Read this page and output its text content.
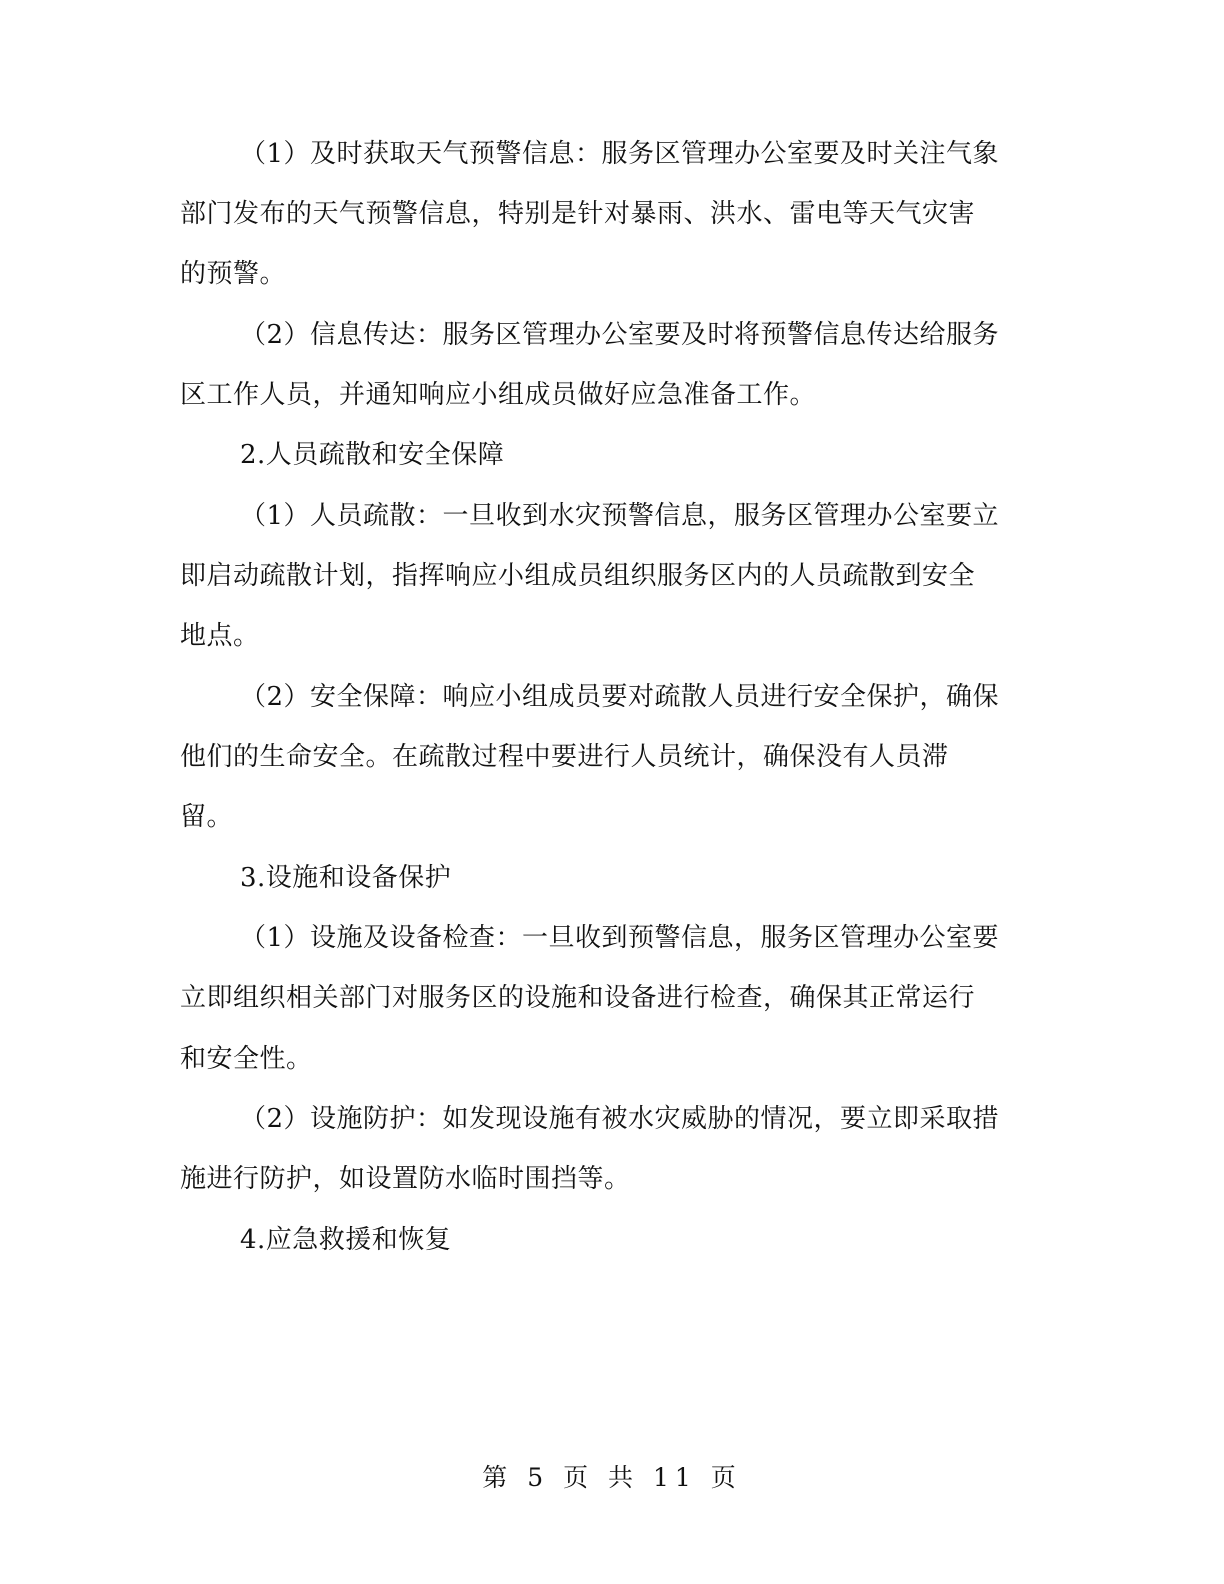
（1）及时获取天气预警信息：服务区管理办公室要及时关注气象
部门发布的天气预警信息，特别是针对暴雨、洪水、雷电等天气灾害
的预警。
（2）信息传达：服务区管理办公室要及时将预警信息传达给服务
区工作人员，并通知响应小组成员做好应急准备工作。
2.人员疏散和安全保障
（1）人员疏散：一旦收到水灾预警信息，服务区管理办公室要立
即启动疏散计划，指挥响应小组成员组织服务区内的人员疏散到安全
地点。
（2）安全保障：响应小组成员要对疏散人员进行安全保护，确保
他们的生命安全。在疏散过程中要进行人员统计，确保没有人员滞
留。
3.设施和设备保护
（1）设施及设备检查：一旦收到预警信息，服务区管理办公室要
立即组织相关部门对服务区的设施和设备进行检查，确保其正常运行
和安全性。
（2）设施防护：如发现设施有被水灾威胁的情况，要立即采取措
施进行防护，如设置防水临时围挡等。
4.应急救援和恢复
第 5 页 共 11 页
